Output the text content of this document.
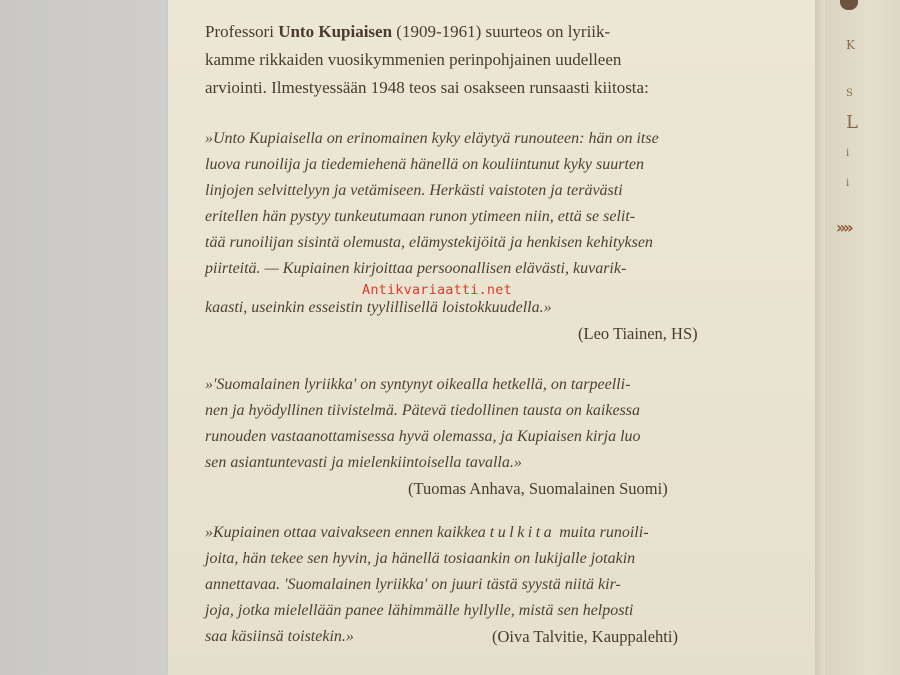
K
S
L
i
i
»»
Professori Unto Kupiaisen (1909-1961) suurteos on lyriik-
kamme rikkaiden vuosikymmenien perinpohjainen uudelleen
arviointi. Ilmestyessään 1948 teos sai osakseen runsaasti kiitosta:
»Unto Kupiaisella on erinomainen kyky eläytyä runouteen: hän on itse
luova runoilija ja tiedemiehenä hänellä on kouliintunut kyky suurten
linjojen selvittelyyn ja vetämiseen. Herkästi vaistoten ja terävästi
eritellen hän pystyy tunkeutumaan runon ytimeen niin, että se selit-
tää runoilijan sisintä olemusta, elämystekijöitä ja henkisen kehityksen
piirteitä. — Kupiainen kirjoittaa persoonallisen elävästi, kuvarik-
kaasti, useinkin esseistin tyylillisellä loistokkuudella.»
(Leo Tiainen, HS)
»'Suomalainen lyriikka' on syntynyt oikealla hetkellä, on tarpeelli-
nen ja hyödyllinen tiivistelmä. Pätevä tiedollinen tausta on kaikessa
runouden vastaanottamisessa hyvä olemassa, ja Kupiaisen kirja luo
sen asiantuntevasti ja mielenkiintoisella tavalla.»
(Tuomas Anhava, Suomalainen Suomi)
»Kupiainen ottaa vaivakseen ennen kaikkea tulkita muita runoili-
joita, hän tekee sen hyvin, ja hänellä tosiaankin on lukijalle jotakin
annettavaa. 'Suomalainen lyriikka' on juuri tästä syystä niitä kir-
joja, jotka mielellään panee lähimmälle hyllylle, mistä sen helposti
saa käsiinsä toistekin.»	(Oiva Talvitie, Kauppalehti)
Antikvariaatti.net
